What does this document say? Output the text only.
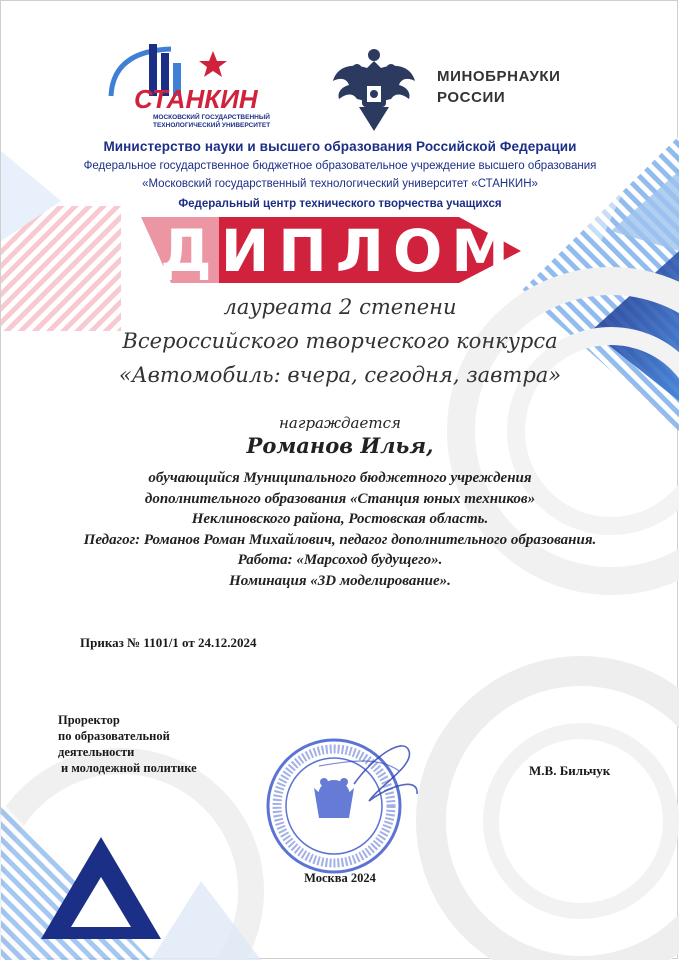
СТАНКИН
МОСКОВСКИЙ ГОСУДАРСТВЕННЫЙ
ТЕХНОЛОГИЧЕСКИЙ УНИВЕРСИТЕТ
МИНОБРНАУКИ
РОССИИ
Министерство науки и высшего образования Российской Федерации
Федеральное государственное бюджетное образовательное учреждение высшего образования
«Московский государственный технологический университет «СТАНКИН»
Федеральный центр технического творчества учащихся
ДИПЛОМ
лауреата 2 степени
Всероссийского творческого конкурса
«Автомобиль: вчера, сегодня, завтра»
награждается
Романов Илья,
обучающийся Муниципального бюджетного учреждения
дополнительного образования «Станция юных техников»
Неклиновского района, Ростовская область.
Педагог: Романов Роман Михайлович, педагог дополнительного образования.
Работа: «Марсоход будущего».
Номинация «3D моделирование».
Приказ № 1101/1 от 24.12.2024
Проректор
по образовательной
деятельности
и молодежной политике	М.В. Бильчук
Москва 2024
